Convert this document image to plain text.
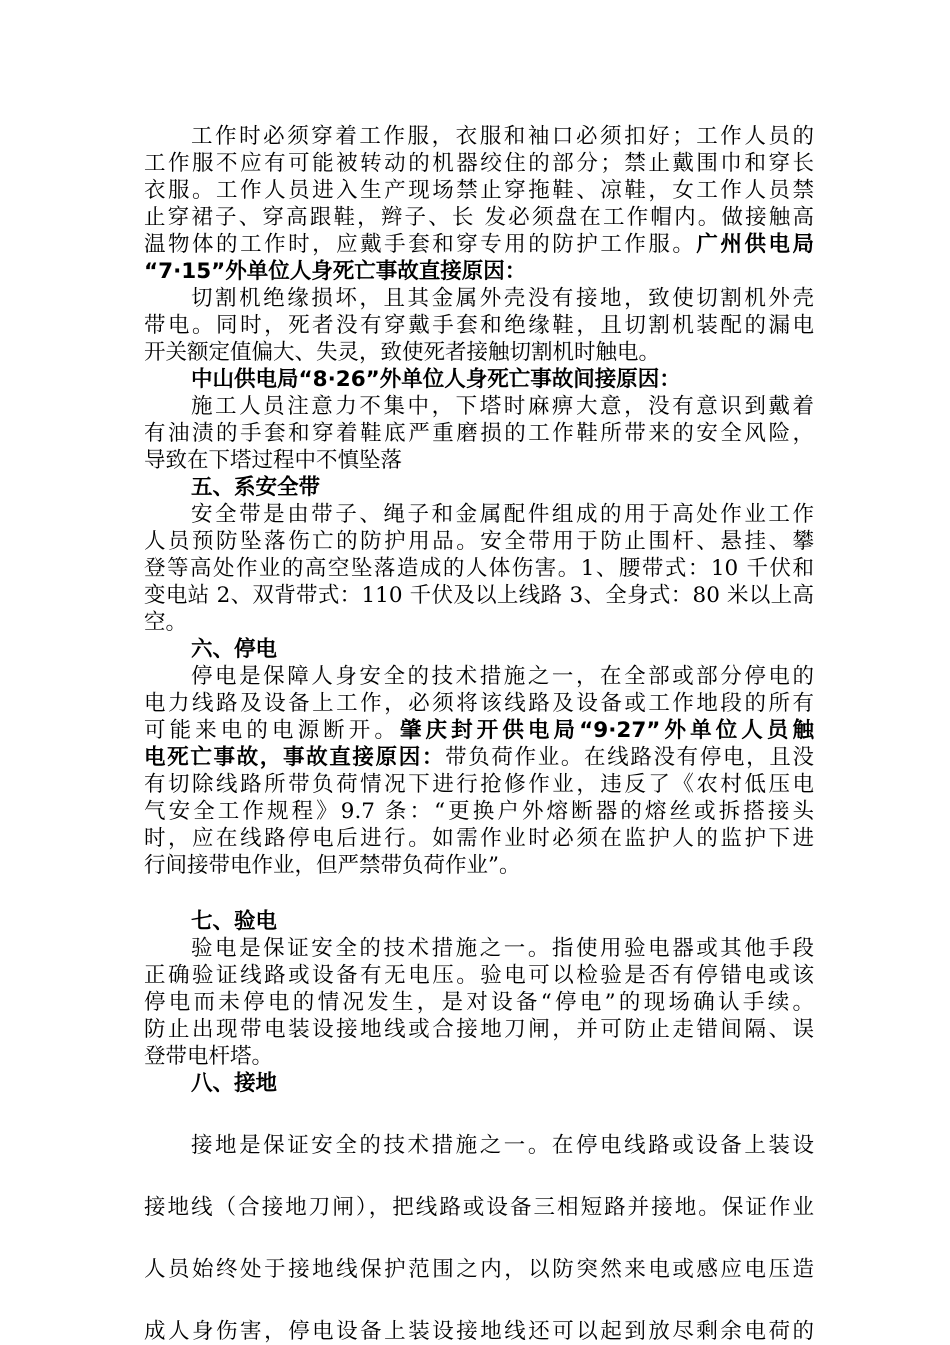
工作时必须穿着工作服，衣服和袖口必须扣好；工作人员的
工作服不应有可能被转动的机器绞住的部分；禁止戴围巾和穿长
衣服。工作人员进入生产现场禁止穿拖鞋、凉鞋，女工作人员禁
止穿裙子、穿高跟鞋，辫子、长 发必须盘在工作帽内。做接触高
温物体的工作时，应戴手套和穿专用的防护工作服。广州供电局
“7·15”外单位人身死亡事故直接原因：
切割机绝缘损坏，且其金属外壳没有接地，致使切割机外壳
带电。同时，死者没有穿戴手套和绝缘鞋，且切割机装配的漏电
开关额定值偏大、失灵，致使死者接触切割机时触电。
中山供电局“8·26”外单位人身死亡事故间接原因：
施工人员注意力不集中，下塔时麻痹大意，没有意识到戴着
有油渍的手套和穿着鞋底严重磨损的工作鞋所带来的安全风险，
导致在下塔过程中不慎坠落
五、系安全带
安全带是由带子、绳子和金属配件组成的用于高处作业工作
人员预防坠落伤亡的防护用品。安全带用于防止围杆、悬挂、攀
登等高处作业的高空坠落造成的人体伤害。1、腰带式：10 千伏和
变电站 2、双背带式：110 千伏及以上线路 3、全身式：80 米以上高
空。
六、停电
停电是保障人身安全的技术措施之一，在全部或部分停电的
电力线路及设备上工作，必须将该线路及设备或工作地段的所有
可能来电的电源断开。肇庆封开供电局“9·27”外单位人员触
电死亡事故，事故直接原因：带负荷作业。在线路没有停电，且没
有切除线路所带负荷情况下进行抢修作业，违反了《农村低压电
气安全工作规程》9.7 条：“更换户外熔断器的熔丝或拆搭接头
时，应在线路停电后进行。如需作业时必须在监护人的监护下进
行间接带电作业，但严禁带负荷作业”。
七、验电
验电是保证安全的技术措施之一。指使用验电器或其他手段
正确验证线路或设备有无电压。验电可以检验是否有停错电或该
停电而未停电的情况发生，是对设备“停电”的现场确认手续。
防止出现带电装设接地线或合接地刀闸，并可防止走错间隔、误
登带电杆塔。
八、接地
接地是保证安全的技术措施之一。在停电线路或设备上装设
接地线（合接地刀闸），把线路或设备三相短路并接地。保证作业
人员始终处于接地线保护范围之内，以防突然来电或感应电压造
成人身伤害，停电设备上装设接地线还可以起到放尽剩余电荷的
